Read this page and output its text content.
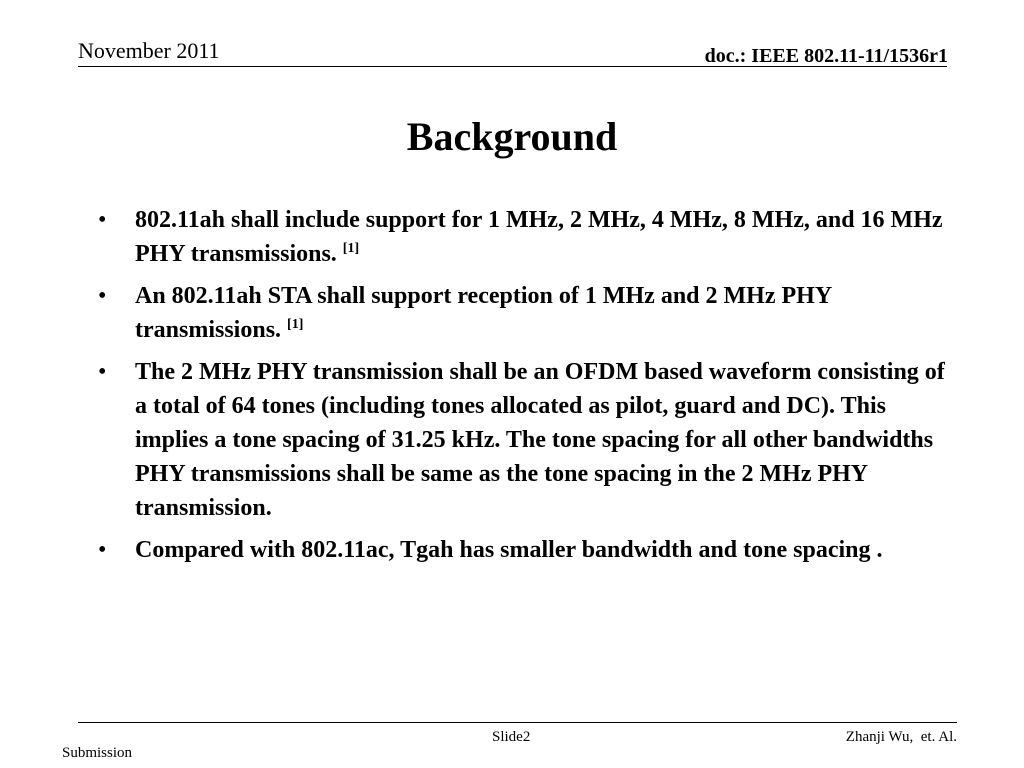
November 2011	doc.: IEEE 802.11-11/1536r1
Background
• 802.11ah shall include support for 1 MHz, 2 MHz, 4 MHz, 8 MHz, and 16 MHz PHY transmissions. [1]
• An 802.11ah STA shall support reception of 1 MHz and 2 MHz PHY transmissions. [1]
• The 2 MHz PHY transmission shall be an OFDM based waveform consisting of a total of 64 tones (including tones allocated as pilot, guard and DC). This implies a tone spacing of 31.25 kHz. The tone spacing for all other bandwidths PHY transmissions shall be same as the tone spacing in the 2 MHz PHY transmission.
• Compared with 802.11ac, Tgah has smaller bandwidth and tone spacing .
Slide2	Zhanji Wu,  et. Al.
Submission
